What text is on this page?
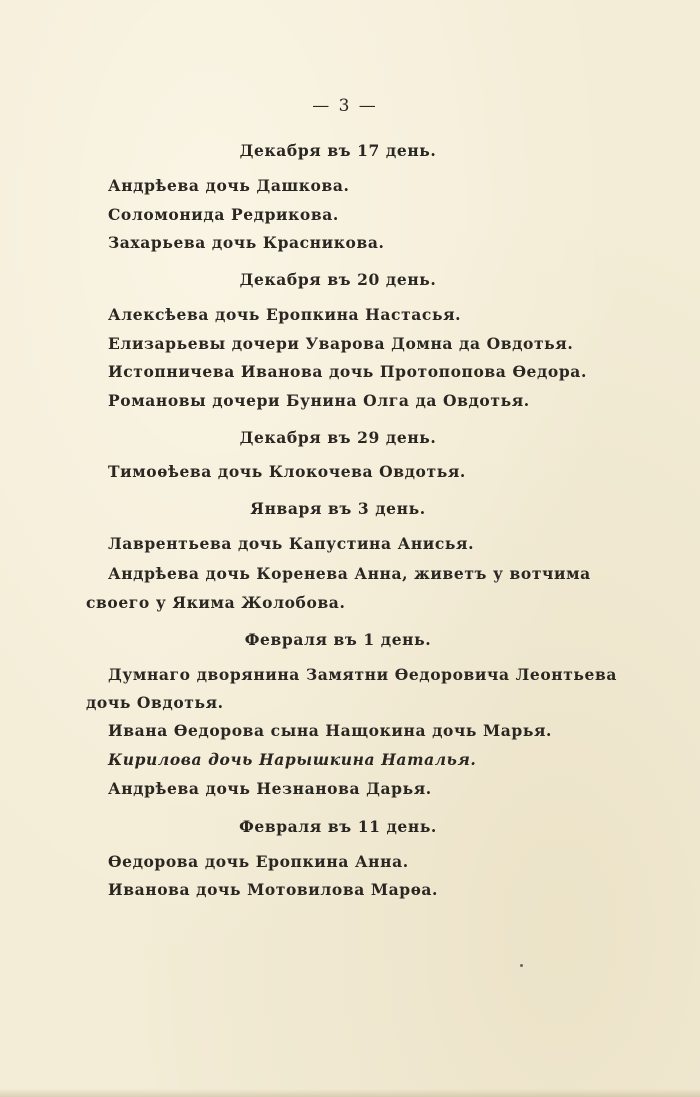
— 3 —
Декабря въ 17 день.
Андрѣева дочь Дашкова.
Соломонида Редрикова.
Захарьева дочь Красникова.
Декабря въ 20 день.
Алексѣева дочь Еропкина Настасья.
Елизарьевы дочери Уварова Домна да Овдотья.
Истопничева Иванова дочь Протопопова Ѳедора.
Романовы дочери Бунина Олга да Овдотья.
Декабря въ 29 день.
Тимоѳѣева дочь Клокочева Овдотья.
Января въ 3 день.
Лаврентьева дочь Капустина Анисья.
Андрѣева дочь Коренева Анна, живетъ у вотчима
своего у Якима Жолобова.
Февраля въ 1 день.
Думнаго дворянина Замятни Ѳедоровича Леонтьева
дочь Овдотья.
Ивана Ѳедорова сына Нащокина дочь Марья.
Кирилова дочь Нарышкина Наталья.
Андрѣева дочь Незнанова Дарья.
Февраля въ 11 день.
Ѳедорова дочь Еропкина Анна.
Иванова дочь Мотовилова Марѳа.
